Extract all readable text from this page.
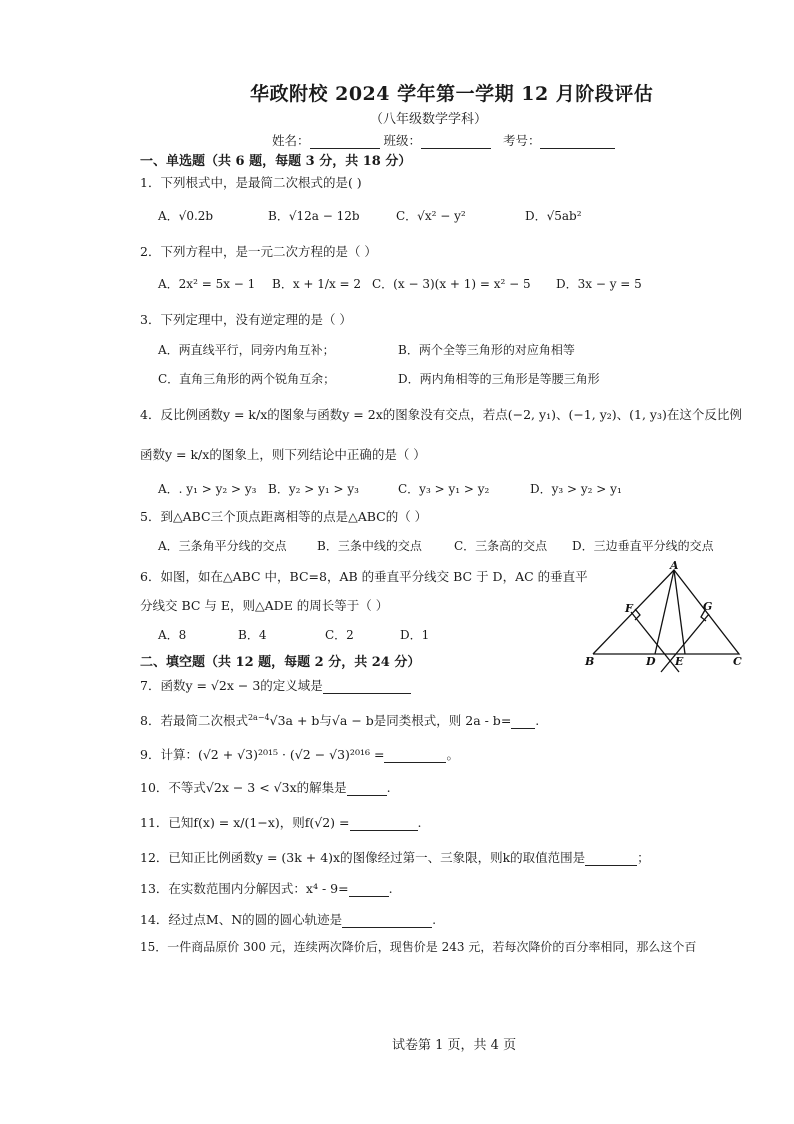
华政附校 2024 学年第一学期 12 月阶段评估
（八年级数学学科）
姓名：	班级：	考号：
一、单选题（共 6 题，每题 3 分，共 18 分）
1．下列根式中，是最简二次根式的是( )
A．√0.2b	B．√12a − 12b	C．√x² − y²	D．√5ab²
2．下列方程中，是一元二次方程的是（ ）
A．2x² = 5x − 1 B．x + 1/x = 2 C．(x − 3)(x + 1) = x² − 5 D．3x − y = 5
3．下列定理中，没有逆定理的是（ ）
A．两直线平行，同旁内角互补；	B．两个全等三角形的对应角相等
C．直角三角形的两个锐角互余；	D．两内角相等的三角形是等腰三角形
4．反比例函数y = k/x的图象与函数y = 2x的图象没有交点，若点(−2, y₁)、(−1, y₂)、(1, y₃)在这个反比例
函数y = k/x的图象上，则下列结论中正确的是（ ）
A．. y₁ > y₂ > y₃ B．y₂ > y₁ > y₃	C．y₃ > y₁ > y₂	D．y₃ > y₂ > y₁
5．到△ABC三个顶点距离相等的点是△ABC的（ ）
A．三条角平分线的交点	B．三条中线的交点	C．三条高的交点 D．三边垂直平分线的交点
6．如图，如在△ABC 中，BC=8，AB 的垂直平分线交 BC 于 D，AC 的垂直平
分线交 BC 与 E，则△ADE 的周长等于（ ）
A．8	B．4	C．2	D．1
A
B	C
D E
F	G
二、填空题（共 12 题，每题 2 分，共 24 分）
7．函数y = √2x − 3的定义域是
8．若最简二次根式$^{2a-4}$√3a + b与√a − b是同类根式，则 2a - b= .
9．计算：(√2 + √3)²⁰¹⁵ · (√2 − √3)²⁰¹⁶ =	。
10．不等式√2x − 3 < √3x的解集是	.
11．已知f(x) = x/(1−x)，则f(√2) =	.
12．已知正比例函数y = (3k + 4)x的图像经过第一、三象限，则k的取值范围是	；
13．在实数范围内分解因式：x⁴ - 9=	.
14．经过点M、N的圆的圆心轨迹是	.
15．一件商品原价 300 元，连续两次降价后，现售价是 243 元，若每次降价的百分率相同，那么这个百
试卷第 1 页，共 4 页
